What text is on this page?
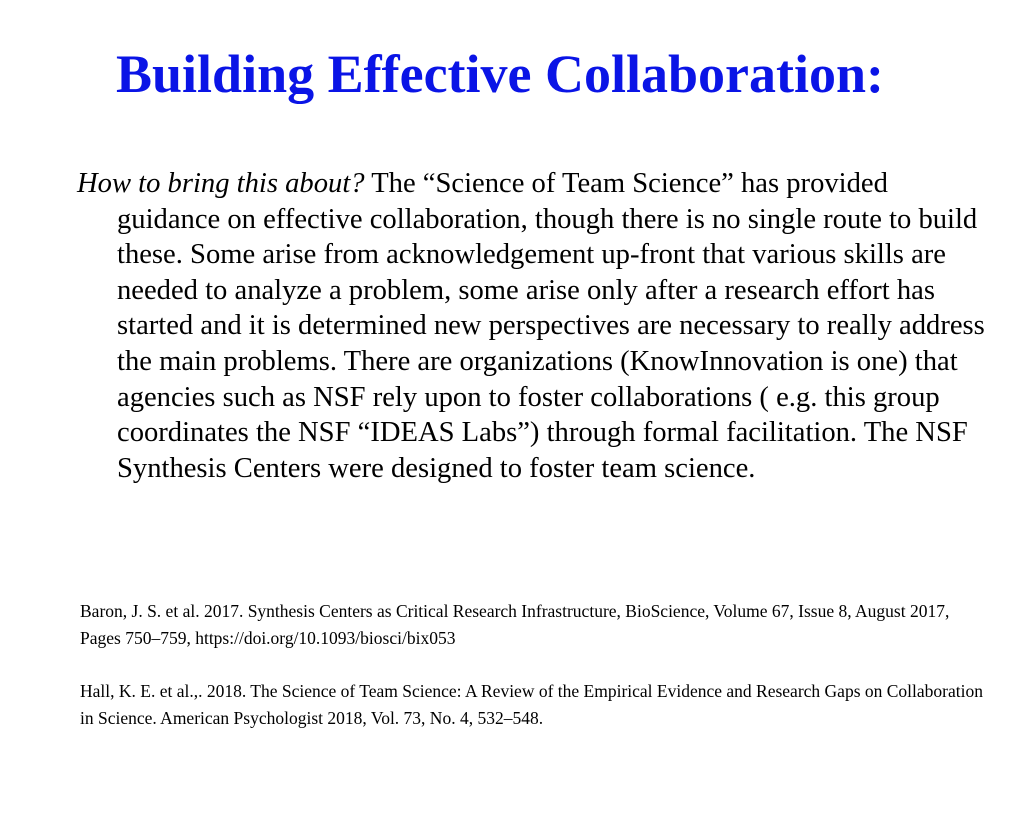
Building Effective Collaboration:

How to bring this about? The “Science of Team Science” has provided guidance on effective collaboration, though there is no single route to build these. Some arise from acknowledgement up-front that various skills are needed to analyze a problem, some arise only after a research effort has started and it is determined new perspectives are necessary to really address the main problems. There are organizations (KnowInnovation is one) that agencies such as NSF rely upon to foster collaborations ( e.g. this group coordinates the NSF “IDEAS Labs”) through formal facilitation. The NSF Synthesis Centers were designed to foster team science.

Baron, J. S. et al. 2017. Synthesis Centers as Critical Research Infrastructure, BioScience, Volume 67, Issue 8, August 2017, Pages 750–759, https://doi.org/10.1093/biosci/bix053

Hall, K. E. et al.,. 2018. The Science of Team Science: A Review of the Empirical Evidence and Research Gaps on Collaboration in Science. American Psychologist 2018, Vol. 73, No. 4, 532–548.
